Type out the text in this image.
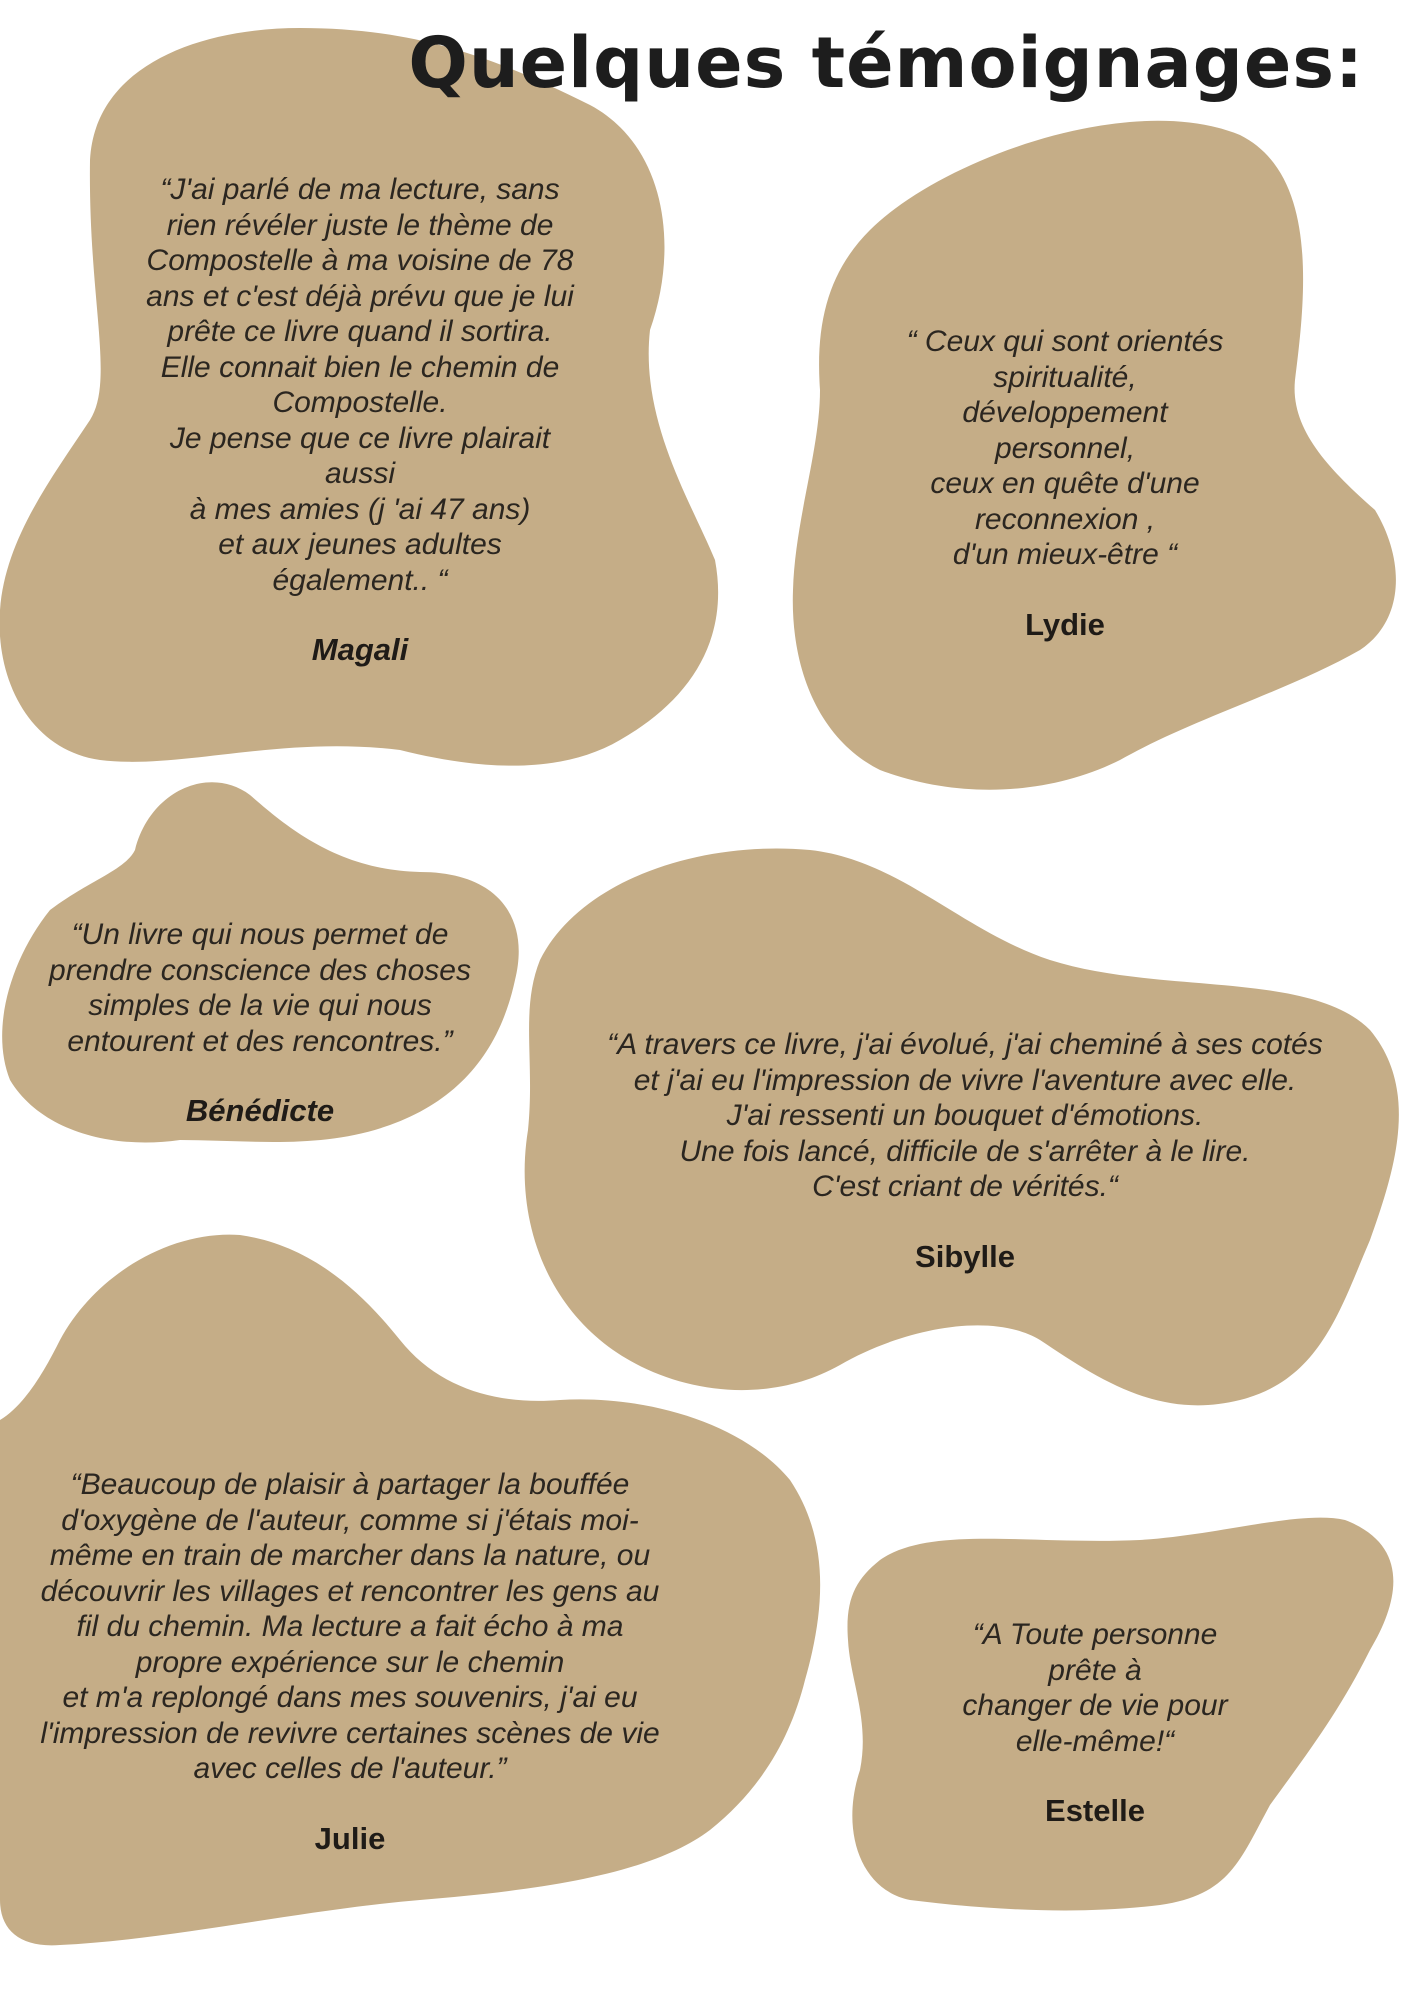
Quelques témoignages:

“J'ai parlé de ma lecture, sans
rien révéler juste le thème de
Compostelle à ma voisine de 78
ans et c'est déjà prévu que je lui
prête ce livre quand il sortira.
Elle connait bien le chemin de
Compostelle.
Je pense que ce livre plairait
aussi
à mes amies (j 'ai 47 ans)
et aux jeunes adultes
également.. “

Magali

“ Ceux qui sont orientés
spiritualité,
développement
personnel,
ceux en quête d'une
reconnexion ,
d'un mieux-être “

Lydie

“Un livre qui nous permet de
prendre conscience des choses
simples de la vie qui nous
entourent et des rencontres.”

Bénédicte

“A travers ce livre, j'ai évolué, j'ai cheminé à ses cotés
et j'ai eu l'impression de vivre l'aventure avec elle.
J'ai ressenti un bouquet d'émotions.
Une fois lancé, difficile de s'arrêter à le lire.
C'est criant de vérités.“

Sibylle

“Beaucoup de plaisir à partager la bouffée
d'oxygène de l'auteur, comme si j'étais moi-
même en train de marcher dans la nature, ou
découvrir les villages et rencontrer les gens au
fil du chemin. Ma lecture a fait écho à ma
propre expérience sur le chemin
et m'a replongé dans mes souvenirs, j'ai eu
l'impression de revivre certaines scènes de vie
avec celles de l'auteur.”

Julie

“A Toute personne
prête à
changer de vie pour
elle-même!“

Estelle
